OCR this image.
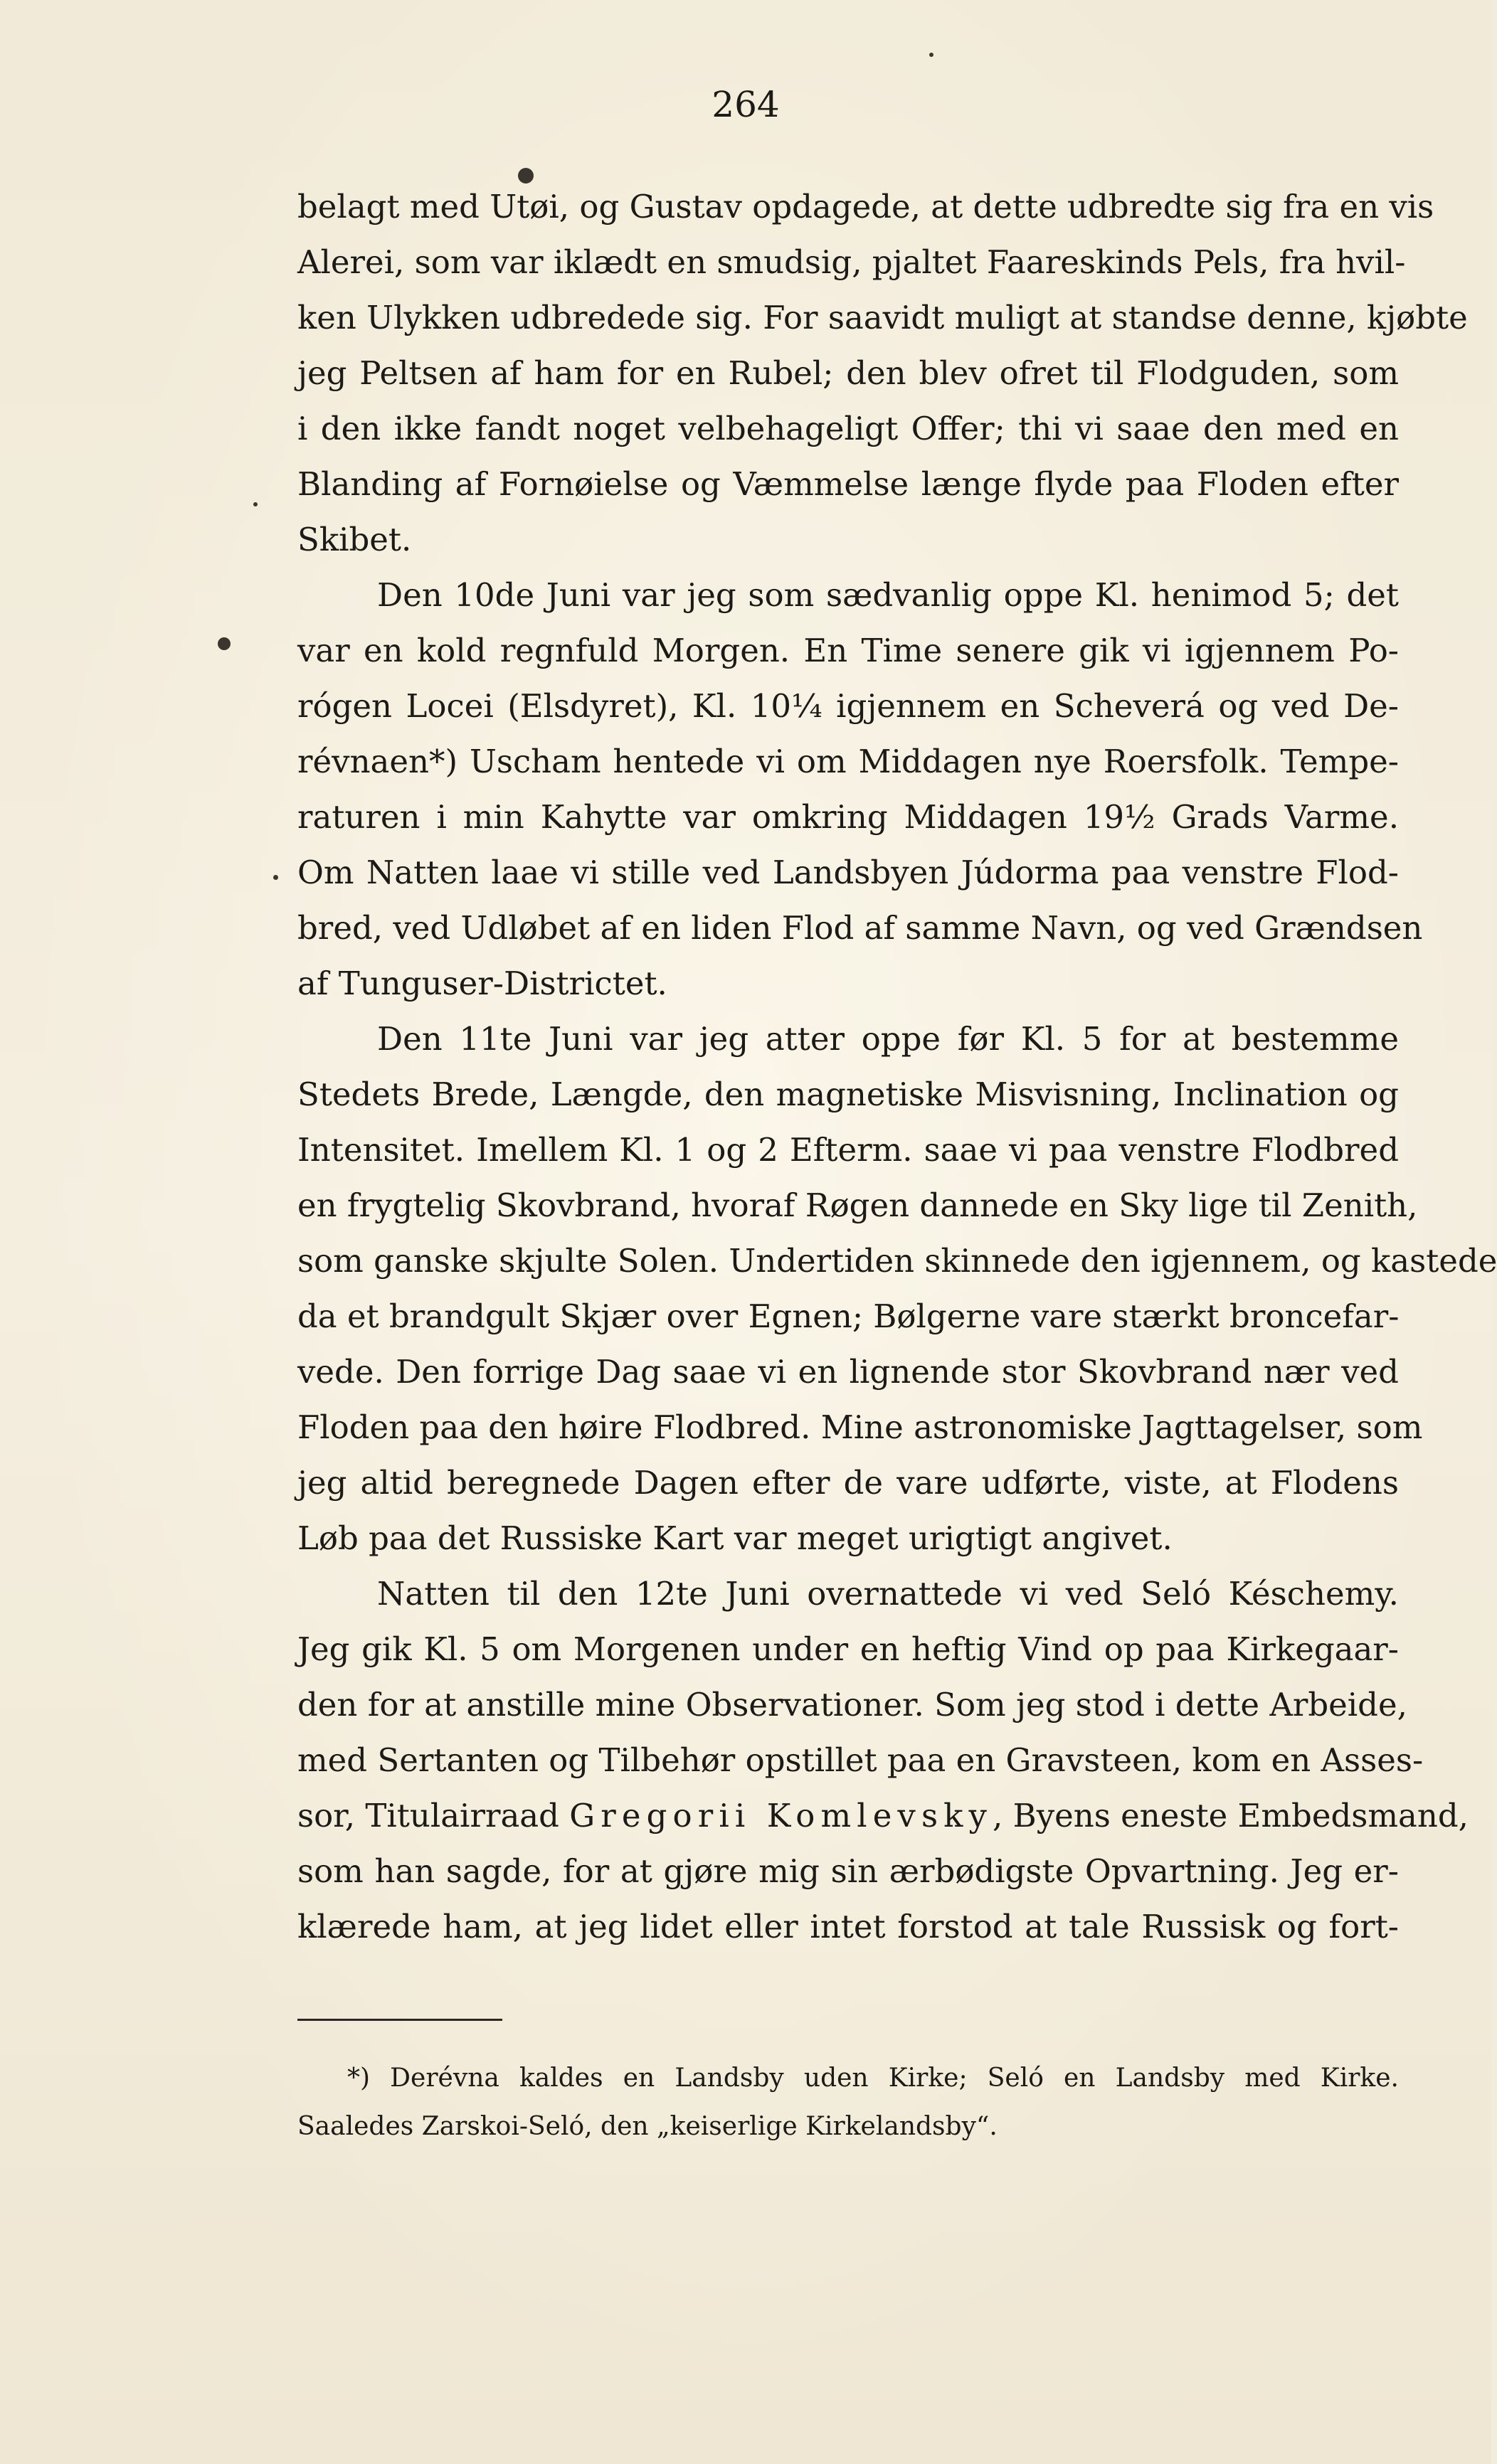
264
belagt med Utøi, og Gustav opdagede, at dette udbredte sig fra en vis
Alerei, som var iklædt en smudsig, pjaltet Faareskinds Pels, fra hvil-
ken Ulykken udbredede sig. For saavidt muligt at standse denne, kjøbte
jeg Peltsen af ham for en Rubel; den blev ofret til Flodguden, som
i den ikke fandt noget velbehageligt Offer; thi vi saae den med en
Blanding af Fornøielse og Væmmelse længe flyde paa Floden efter
Skibet.
Den 10de Juni var jeg som sædvanlig oppe Kl. henimod 5; det
var en kold regnfuld Morgen. En Time senere gik vi igjennem Po-
rógen Locei (Elsdyret), Kl. 10¼ igjennem en Scheverá og ved De-
révnaen*) Uscham hentede vi om Middagen nye Roersfolk. Tempe-
raturen i min Kahytte var omkring Middagen 19½ Grads Varme.
Om Natten laae vi stille ved Landsbyen Júdorma paa venstre Flod-
bred, ved Udløbet af en liden Flod af samme Navn, og ved Grændsen
af Tunguser-Districtet.
Den 11te Juni var jeg atter oppe før Kl. 5 for at bestemme
Stedets Brede, Længde, den magnetiske Misvisning, Inclination og
Intensitet. Imellem Kl. 1 og 2 Efterm. saae vi paa venstre Flodbred
en frygtelig Skovbrand, hvoraf Røgen dannede en Sky lige til Zenith,
som ganske skjulte Solen. Undertiden skinnede den igjennem, og kastede
da et brandgult Skjær over Egnen; Bølgerne vare stærkt broncefar-
vede. Den forrige Dag saae vi en lignende stor Skovbrand nær ved
Floden paa den høire Flodbred. Mine astronomiske Jagttagelser, som
jeg altid beregnede Dagen efter de vare udførte, viste, at Flodens
Løb paa det Russiske Kart var meget urigtigt angivet.
Natten til den 12te Juni overnattede vi ved Seló Késchemy.
Jeg gik Kl. 5 om Morgenen under en heftig Vind op paa Kirkegaar-
den for at anstille mine Observationer. Som jeg stod i dette Arbeide,
med Sertanten og Tilbehør opstillet paa en Gravsteen, kom en Asses-
sor, Titulairraad Gregorii Komlevsky, Byens eneste Embedsmand,
som han sagde, for at gjøre mig sin ærbødigste Opvartning. Jeg er-
klærede ham, at jeg lidet eller intet forstod at tale Russisk og fort-
*) Derévna kaldes en Landsby uden Kirke; Seló en Landsby med Kirke.
Saaledes Zarskoi-Seló, den „keiserlige Kirkelandsby“.
